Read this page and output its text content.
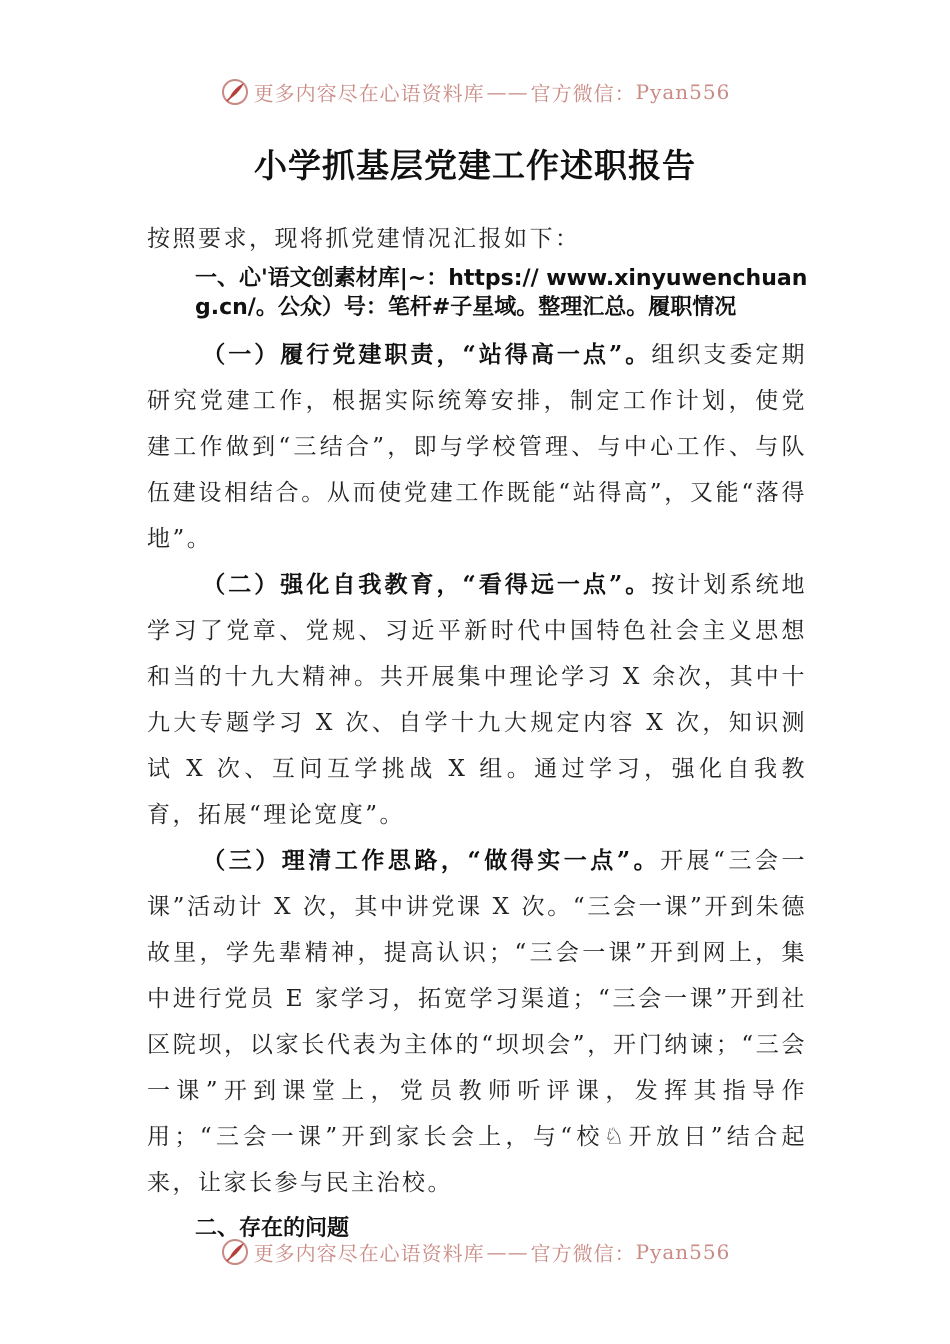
更多内容尽在心语资料库 —— 官方微信：Pyan556
小学抓基层党建工作述职报告

按照要求，现将抓党建情况汇报如下：

一、心'语文创素材库|~：https:// www.xinyuwenchuang.cn/。公众）号：笔杆#子星域。整理汇总。履职情况

（一）履行党建职责，“站得高一点”。组织支委定期研究党建工作，根据实际统筹安排，制定工作计划，使党建工作做到“三结合”，即与学校管理、与中心工作、与队伍建设相结合。从而使党建工作既能“站得高”，又能“落得地”。

（二）强化自我教育，“看得远一点”。按计划系统地学习了党章、党规、习近平新时代中国特色社会主义思想和当的十九大精神。共开展集中理论学习 X 余次，其中十九大专题学习 X 次、自学十九大规定内容 X 次，知识测试 X 次、互问互学挑战 X 组。通过学习，强化自我教育，拓展“理论宽度”。

（三）理清工作思路，“做得实一点”。开展“三会一课”活动计 X 次，其中讲党课 X 次。“三会一课”开到朱德故里，学先辈精神，提高认识；“三会一课”开到网上，集中进行党员 E 家学习，拓宽学习渠道；“三会一课”开到社区院坝，以家长代表为主体的“坝坝会”，开门纳谏；“三会一课”开到课堂上，党员教师听评课，发挥其指导作用；“三会一课”开到家长会上，与“校♘开放日”结合起来，让家长参与民主治校。

二、存在的问题
更多内容尽在心语资料库 —— 官方微信：Pyan556
